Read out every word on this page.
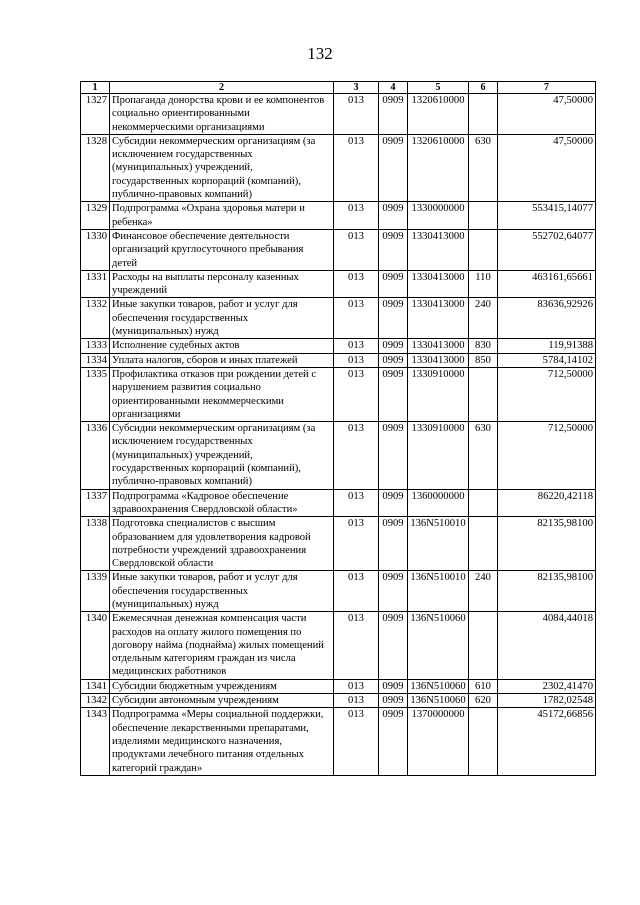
132
1	2	3	4	5	6	7
1327	Пропаганда донорства крови и ее компонентов социально ориентированными некоммерческими организациями	013	0909	1320610000		47,50000
1328	Субсидии некоммерческим организациям (за исключением государственных (муниципальных) учреждений, государственных корпораций (компаний), публично-правовых компаний)	013	0909	1320610000	630	47,50000
1329	Подпрограмма «Охрана здоровья матери и ребенка»	013	0909	1330000000		553415,14077
1330	Финансовое обеспечение деятельности организаций круглосуточного пребывания детей	013	0909	1330413000		552702,64077
1331	Расходы на выплаты персоналу казенных учреждений	013	0909	1330413000	110	463161,65661
1332	Иные закупки товаров, работ и услуг для обеспечения государственных (муниципальных) нужд	013	0909	1330413000	240	83636,92926
1333	Исполнение судебных актов	013	0909	1330413000	830	119,91388
1334	Уплата налогов, сборов и иных платежей	013	0909	1330413000	850	5784,14102
1335	Профилактика отказов при рождении детей с нарушением развития социально ориентированными некоммерческими организациями	013	0909	1330910000		712,50000
1336	Субсидии некоммерческим организациям (за исключением государственных (муниципальных) учреждений, государственных корпораций (компаний), публично-правовых компаний)	013	0909	1330910000	630	712,50000
1337	Подпрограмма «Кадровое обеспечение здравоохранения Свердловской области»	013	0909	1360000000		86220,42118
1338	Подготовка специалистов с высшим образованием для удовлетворения кадровой потребности учреждений здравоохранения Свердловской области	013	0909	136N510010		82135,98100
1339	Иные закупки товаров, работ и услуг для обеспечения государственных (муниципальных) нужд	013	0909	136N510010	240	82135,98100
1340	Ежемесячная денежная компенсация части расходов на оплату жилого помещения по договору найма (поднайма) жилых помещений отдельным категориям граждан из числа медицинских работников	013	0909	136N510060		4084,44018
1341	Субсидии бюджетным учреждениям	013	0909	136N510060	610	2302,41470
1342	Субсидии автономным учреждениям	013	0909	136N510060	620	1782,02548
1343	Подпрограмма «Меры социальной поддержки, обеспечение лекарственными препаратами, изделиями медицинского назначения, продуктами лечебного питания отдельных категорий граждан»	013	0909	1370000000		45172,66856
